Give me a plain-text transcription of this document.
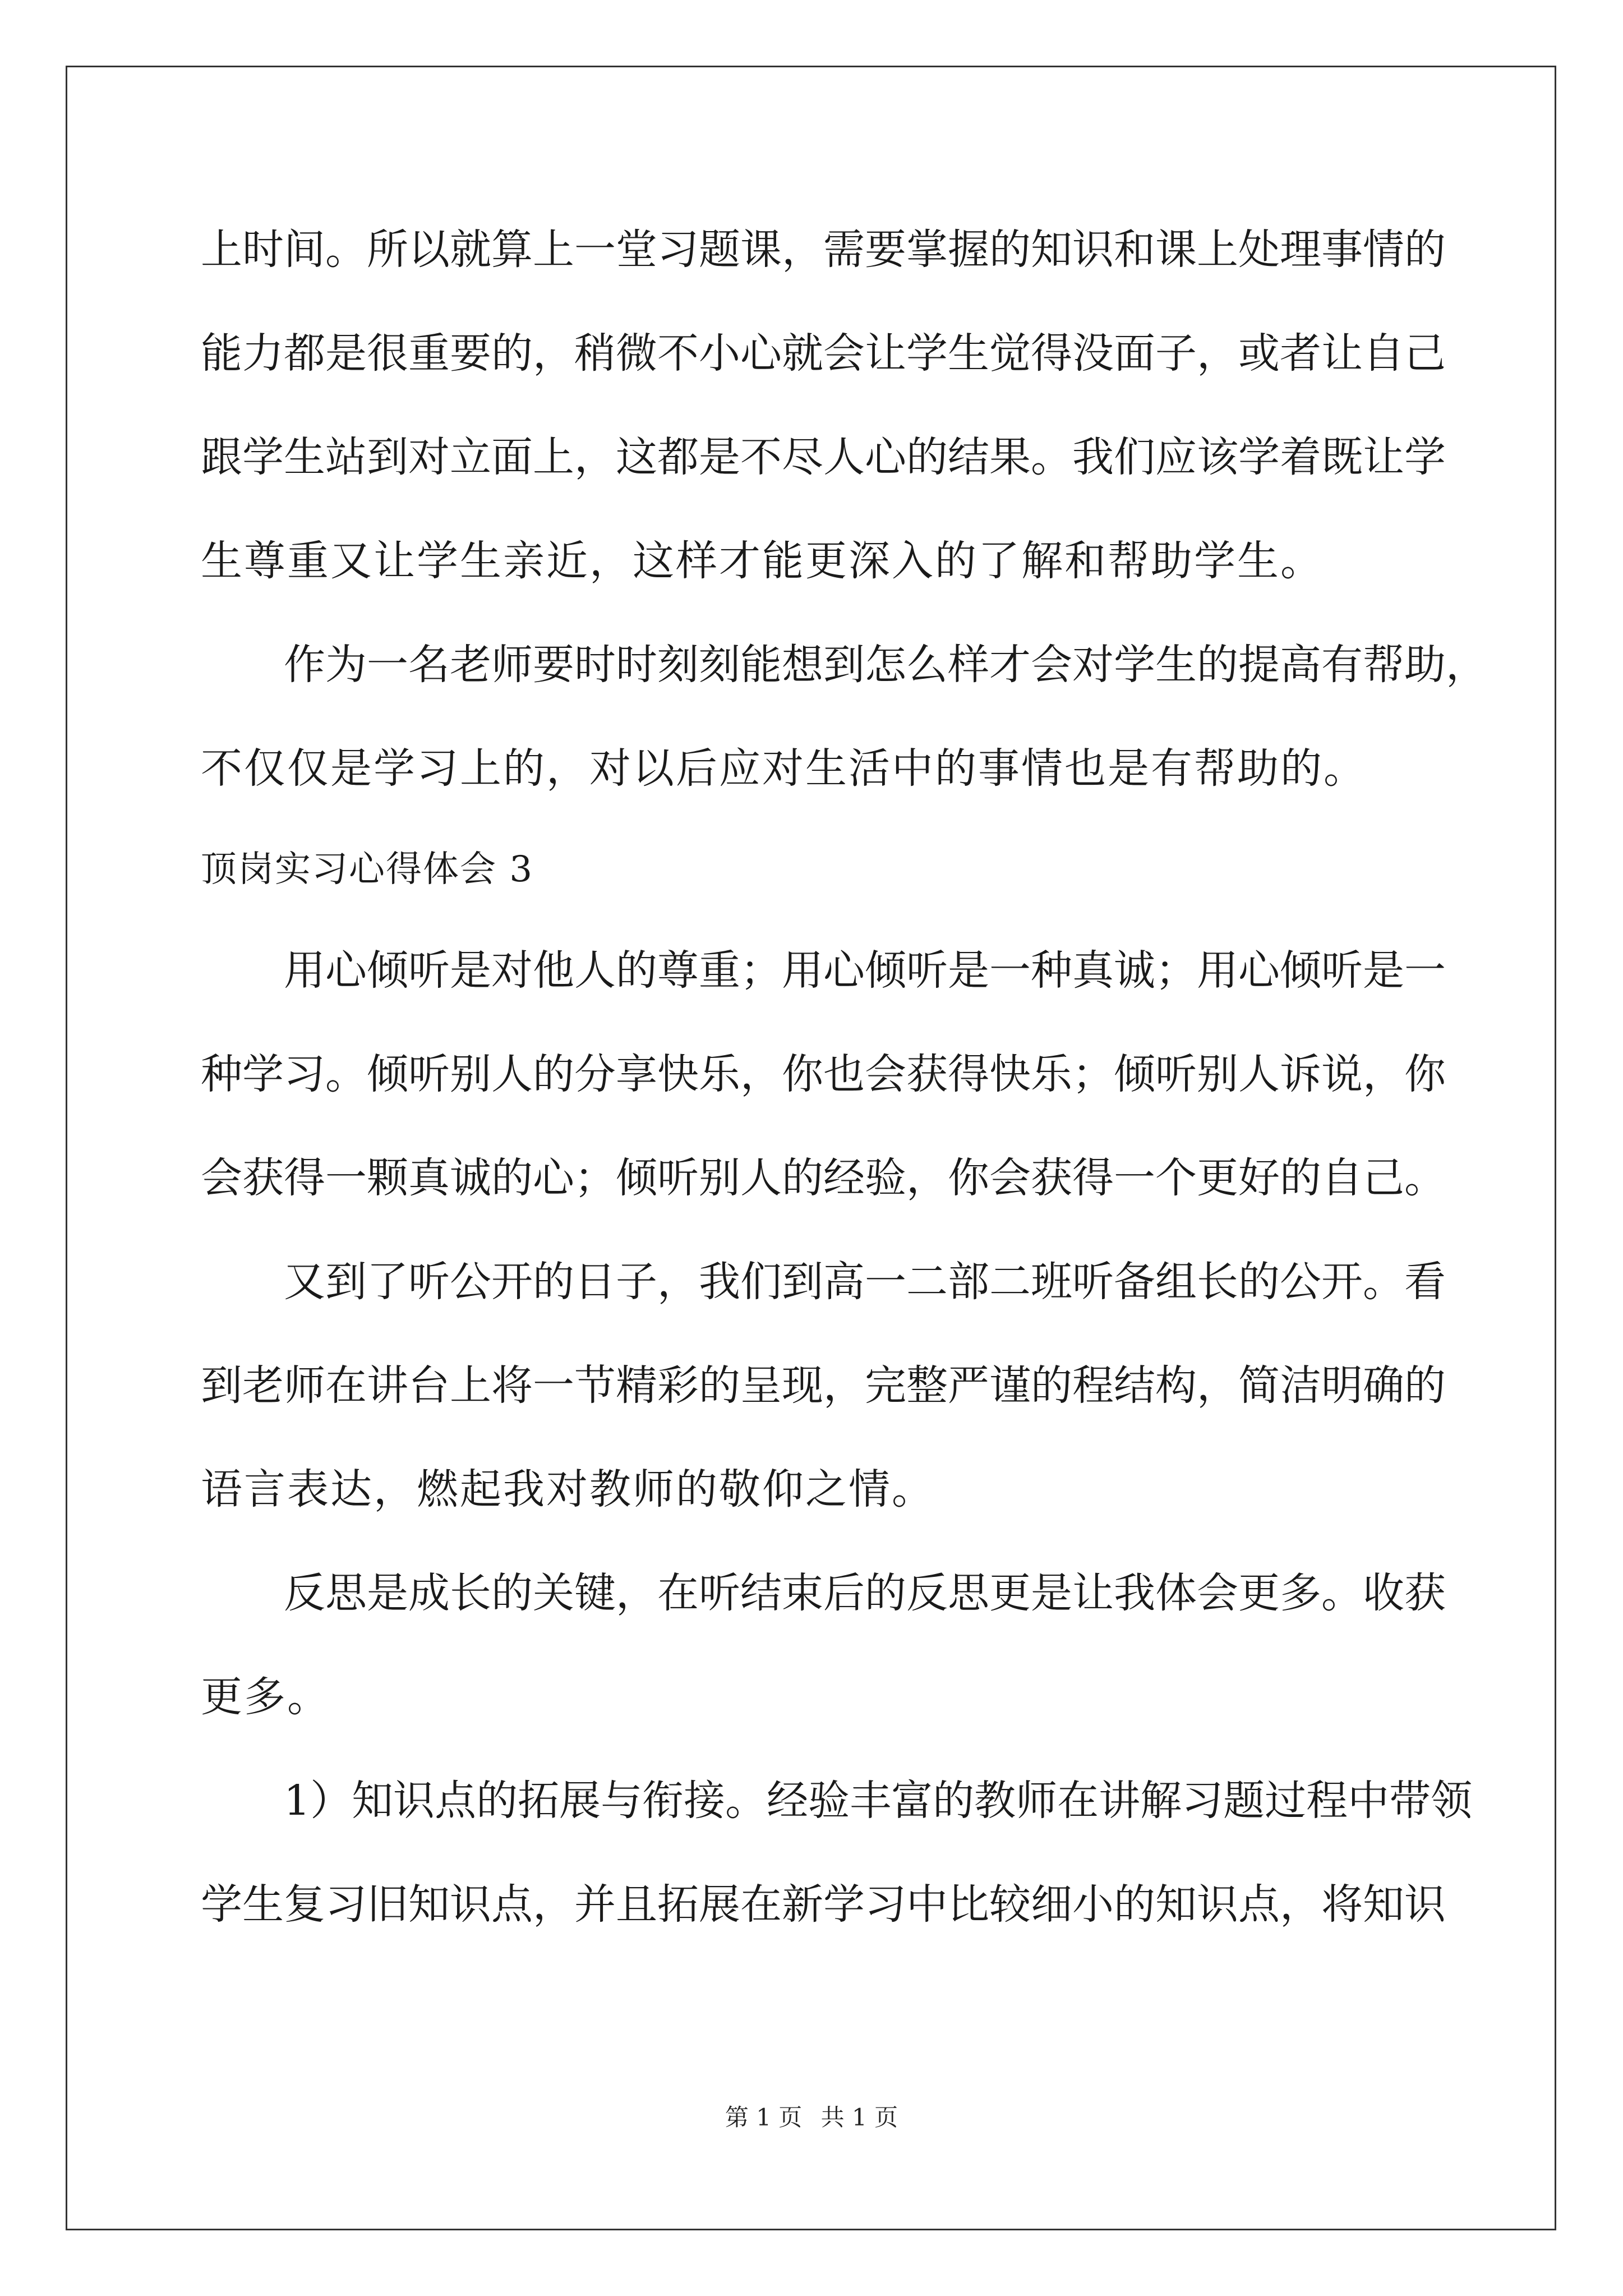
上时间。所以就算上一堂习题课，需要掌握的知识和课上处理事情的
能力都是很重要的，稍微不小心就会让学生觉得没面子，或者让自己
跟学生站到对立面上，这都是不尽人心的结果。我们应该学着既让学
生尊重又让学生亲近，这样才能更深入的了解和帮助学生。
作为一名老师要时时刻刻能想到怎么样才会对学生的提高有帮助，
不仅仅是学习上的，对以后应对生活中的事情也是有帮助的。
顶岗实习心得体会 3
用心倾听是对他人的尊重；用心倾听是一种真诚；用心倾听是一
种学习。倾听别人的分享快乐，你也会获得快乐；倾听别人诉说，你
会获得一颗真诚的心；倾听别人的经验，你会获得一个更好的自己。
又到了听公开的日子，我们到高一二部二班听备组长的公开。看
到老师在讲台上将一节精彩的呈现，完整严谨的程结构，简洁明确的
语言表达，燃起我对教师的敬仰之情。
反思是成长的关键，在听结束后的反思更是让我体会更多。收获
更多。
1）知识点的拓展与衔接。经验丰富的教师在讲解习题过程中带领
学生复习旧知识点，并且拓展在新学习中比较细小的知识点，将知识
第 1 页 共 1 页
